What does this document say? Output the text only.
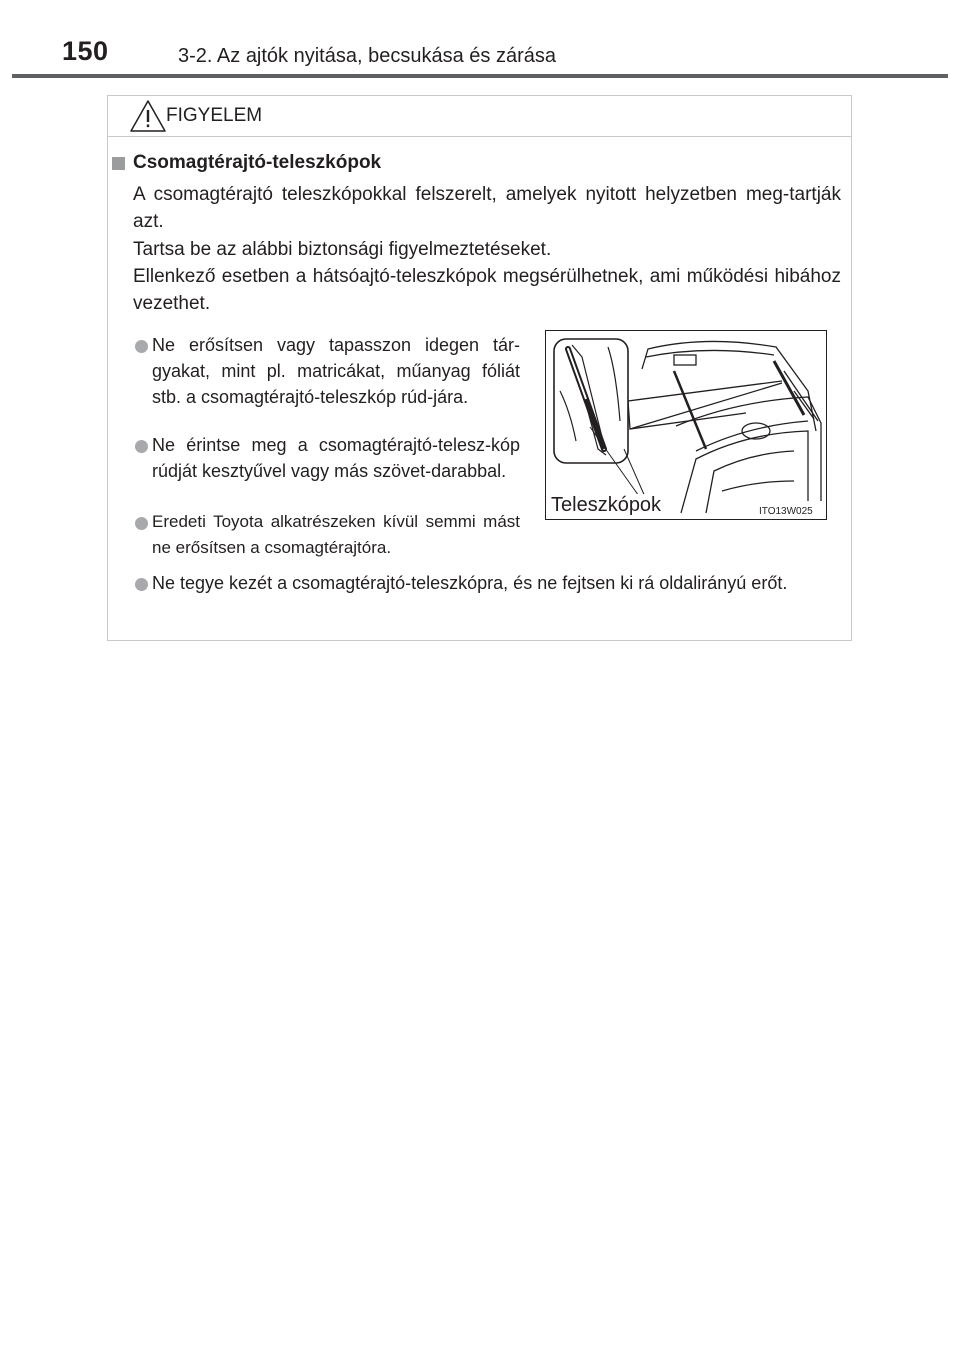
150	3-2. Az ajtók nyitása, becsukása és zárása
FIGYELEM
Csomagtérajtó-teleszkópok
A csomagtérajtó teleszkópokkal felszerelt, amelyek nyitott helyzetben meg-tartják azt.
Tartsa be az alábbi biztonsági figyelmeztetéseket.
Ellenkező esetben a hátsóajtó-teleszkópok megsérülhetnek, ami működési hibához vezethet.
Ne erősítsen vagy tapasszon idegen tár-gyakat, mint pl. matricákat, műanyag fóliát stb. a csomagtérajtó-teleszkóp rúd-jára.
Ne érintse meg a csomagtérajtó-telesz-kóp rúdját kesztyűvel vagy más szövet-darabbal.
Eredeti Toyota alkatrészeken kívül semmi mást ne erősítsen a csomagtérajtóra.
Ne tegye kezét a csomagtérajtó-teleszkópra, és ne fejtsen ki rá oldalirányú erőt.
Teleszkópok	ITO13W025
